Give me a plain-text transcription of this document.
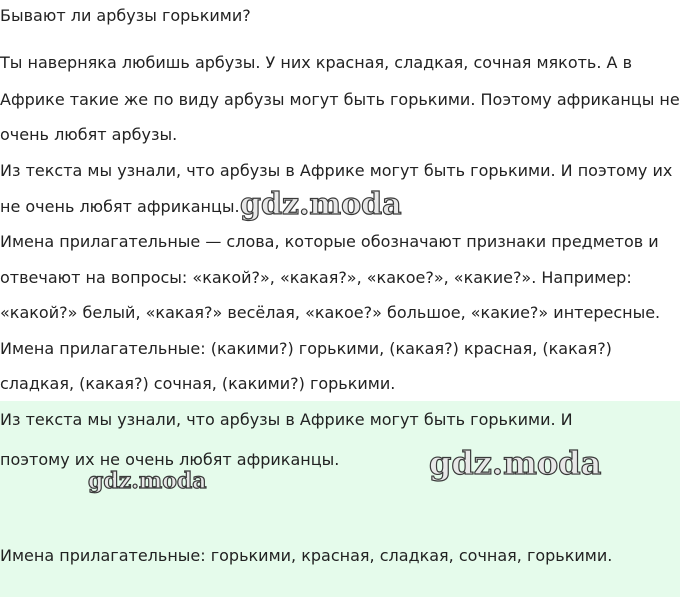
Бывают ли арбузы горькими?
Ты наверняка любишь арбузы. У них красная, сладкая, сочная мякоть. А в
Африке такие же по виду арбузы могут быть горькими. Поэтому африканцы не
очень любят арбузы.
Из текста мы узнали, что арбузы в Африке могут быть горькими. И поэтому их
не очень любят африканцы.
Имена прилагательные — слова, которые обозначают признаки предметов и
отвечают на вопросы: «какой?», «какая?», «какое?», «какие?». Например:
«какой?» белый, «какая?» весёлая, «какое?» большое, «какие?» интересные.
Имена прилагательные: (какими?) горькими, (какая?) красная, (какая?)
сладкая, (какая?) сочная, (какими?) горькими.
Из текста мы узнали, что арбузы в Африке могут быть горькими. И
поэтому их не очень любят африканцы.
Имена прилагательные: горькими, красная, сладкая, сочная, горькими.
gdz.moda
gdz.moda
gdz.moda
